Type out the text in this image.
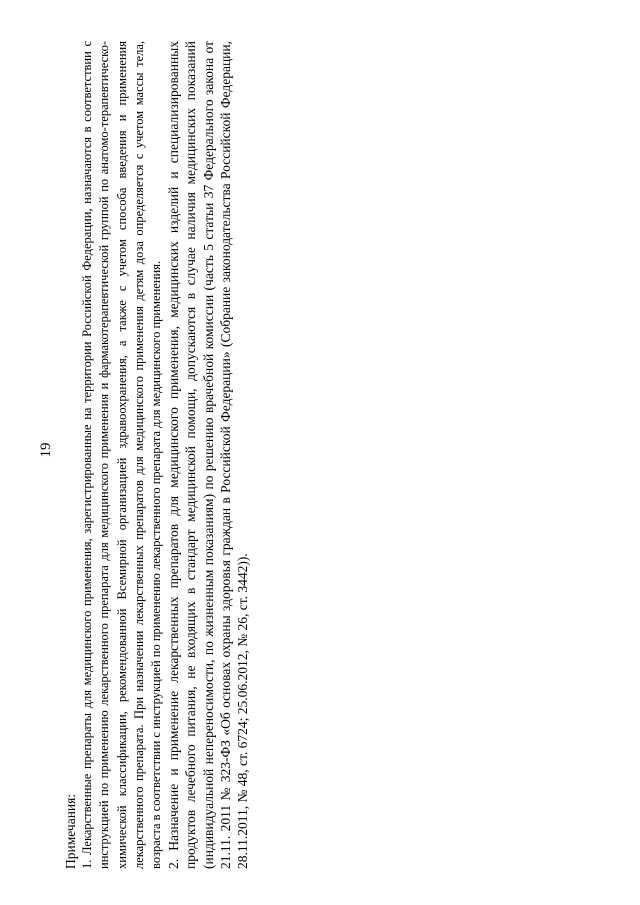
19

Примечания: 1. Лекарственные препараты для медицинского применения, зарегистрированные на территории Российской Федерации, назначаются в соответствии с инструкцией по применению лекарственного препарата для медицинского применения и фармакотерапевтической группой по анатомо-терапевтическо-химической классификации, рекомендованной Всемирной организацией здравоохранения, а также с учетом способа введения и применения лекарственного препарата. При назначении лекарственных препаратов для медицинского применения детям доза определяется с учетом массы тела, возраста в соответствии с инструкцией по применению лекарственного препарата для медицинского применения. 2. Назначение и применение лекарственных препаратов для медицинского применения, медицинских изделий и специализированных продуктов лечебного питания, не входящих в стандарт медицинской помощи, допускаются в случае наличия медицинских показаний (индивидуальной непереносимости, по жизненным показаниям) по решению врачебной комиссии (часть 5 статьи 37 Федерального закона от 21.11. 2011 № 323-ФЗ «Об основах охраны здоровья граждан в Российской Федерации» (Собрание законодательства Российской Федерации, 28.11.2011, № 48, ст. 6724; 25.06.2012, № 26, ст. 3442)).
